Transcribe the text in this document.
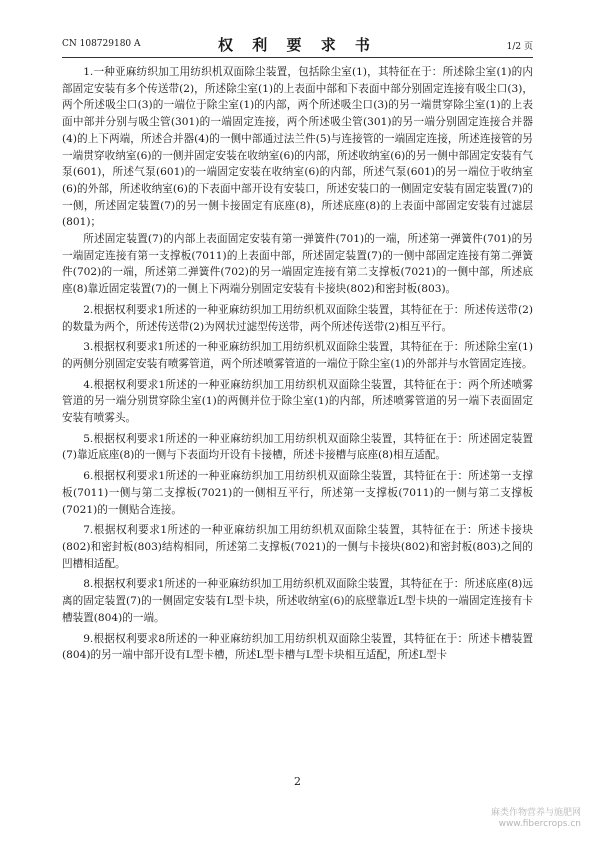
CN 108729180 A	权 利 要 求 书	1/2 页

1.一种亚麻纺织加工用纺织机双面除尘装置，包括除尘室(1)，其特征在于：所述除尘室(1)的内部固定安装有多个传送带(2)，所述除尘室(1)的上表面中部和下表面中部分别固定连接有吸尘口(3)，两个所述吸尘口(3)的一端位于除尘室(1)的内部，两个所述吸尘口(3)的另一端贯穿除尘室(1)的上表面中部并分别与吸尘管(301)的一端固定连接，两个所述吸尘管(301)的另一端分别固定连接合并器(4)的上下两端，所述合并器(4)的一侧中部通过法兰件(5)与连接管的一端固定连接，所述连接管的另一端贯穿收纳室(6)的一侧并固定安装在收纳室(6)的内部，所述收纳室(6)的另一侧中部固定安装有气泵(601)，所述气泵(601)的一端固定安装在收纳室(6)的内部，所述气泵(601)的另一端位于收纳室(6)的外部，所述收纳室(6)的下表面中部开设有安装口，所述安装口的一侧固定安装有固定装置(7)的一侧，所述固定装置(7)的另一侧卡接固定有底座(8)，所述底座(8)的上表面中部固定安装有过滤层(801)；

所述固定装置(7)的内部上表面固定安装有第一弹簧件(701)的一端，所述第一弹簧件(701)的另一端固定连接有第一支撑板(7011)的上表面中部，所述固定装置(7)的一侧中部固定连接有第二弹簧件(702)的一端，所述第二弹簧件(702)的另一端固定连接有第二支撑板(7021)的一侧中部，所述底座(8)靠近固定装置(7)的一侧上下两端分别固定安装有卡接块(802)和密封板(803)。

2.根据权利要求1所述的一种亚麻纺织加工用纺织机双面除尘装置，其特征在于：所述传送带(2)的数量为两个，所述传送带(2)为网状过滤型传送带，两个所述传送带(2)相互平行。

3.根据权利要求1所述的一种亚麻纺织加工用纺织机双面除尘装置，其特征在于：所述除尘室(1)的两侧分别固定安装有喷雾管道，两个所述喷雾管道的一端位于除尘室(1)的外部并与水管固定连接。

4.根据权利要求1所述的一种亚麻纺织加工用纺织机双面除尘装置，其特征在于：两个所述喷雾管道的另一端分别贯穿除尘室(1)的两侧并位于除尘室(1)的内部，所述喷雾管道的另一端下表面固定安装有喷雾头。

5.根据权利要求1所述的一种亚麻纺织加工用纺织机双面除尘装置，其特征在于：所述固定装置(7)靠近底座(8)的一侧与下表面均开设有卡接槽，所述卡接槽与底座(8)相互适配。

6.根据权利要求1所述的一种亚麻纺织加工用纺织机双面除尘装置，其特征在于：所述第一支撑板(7011)一侧与第二支撑板(7021)的一侧相互平行，所述第一支撑板(7011)的一侧与第二支撑板(7021)的一侧贴合连接。

7.根据权利要求1所述的一种亚麻纺织加工用纺织机双面除尘装置，其特征在于：所述卡接块(802)和密封板(803)结构相同，所述第二支撑板(7021)的一侧与卡接块(802)和密封板(803)之间的凹槽相适配。

8.根据权利要求1所述的一种亚麻纺织加工用纺织机双面除尘装置，其特征在于：所述底座(8)远离的固定装置(7)的一侧固定安装有L型卡块，所述收纳室(6)的底壁靠近L型卡块的一端固定连接有卡槽装置(804)的一端。

9.根据权利要求8所述的一种亚麻纺织加工用纺织机双面除尘装置，其特征在于：所述卡槽装置(804)的另一端中部开设有L型卡槽，所述L型卡槽与L型卡块相互适配，所述L型卡

2
麻类作物营养与施肥网
www.fibercrops.cn
